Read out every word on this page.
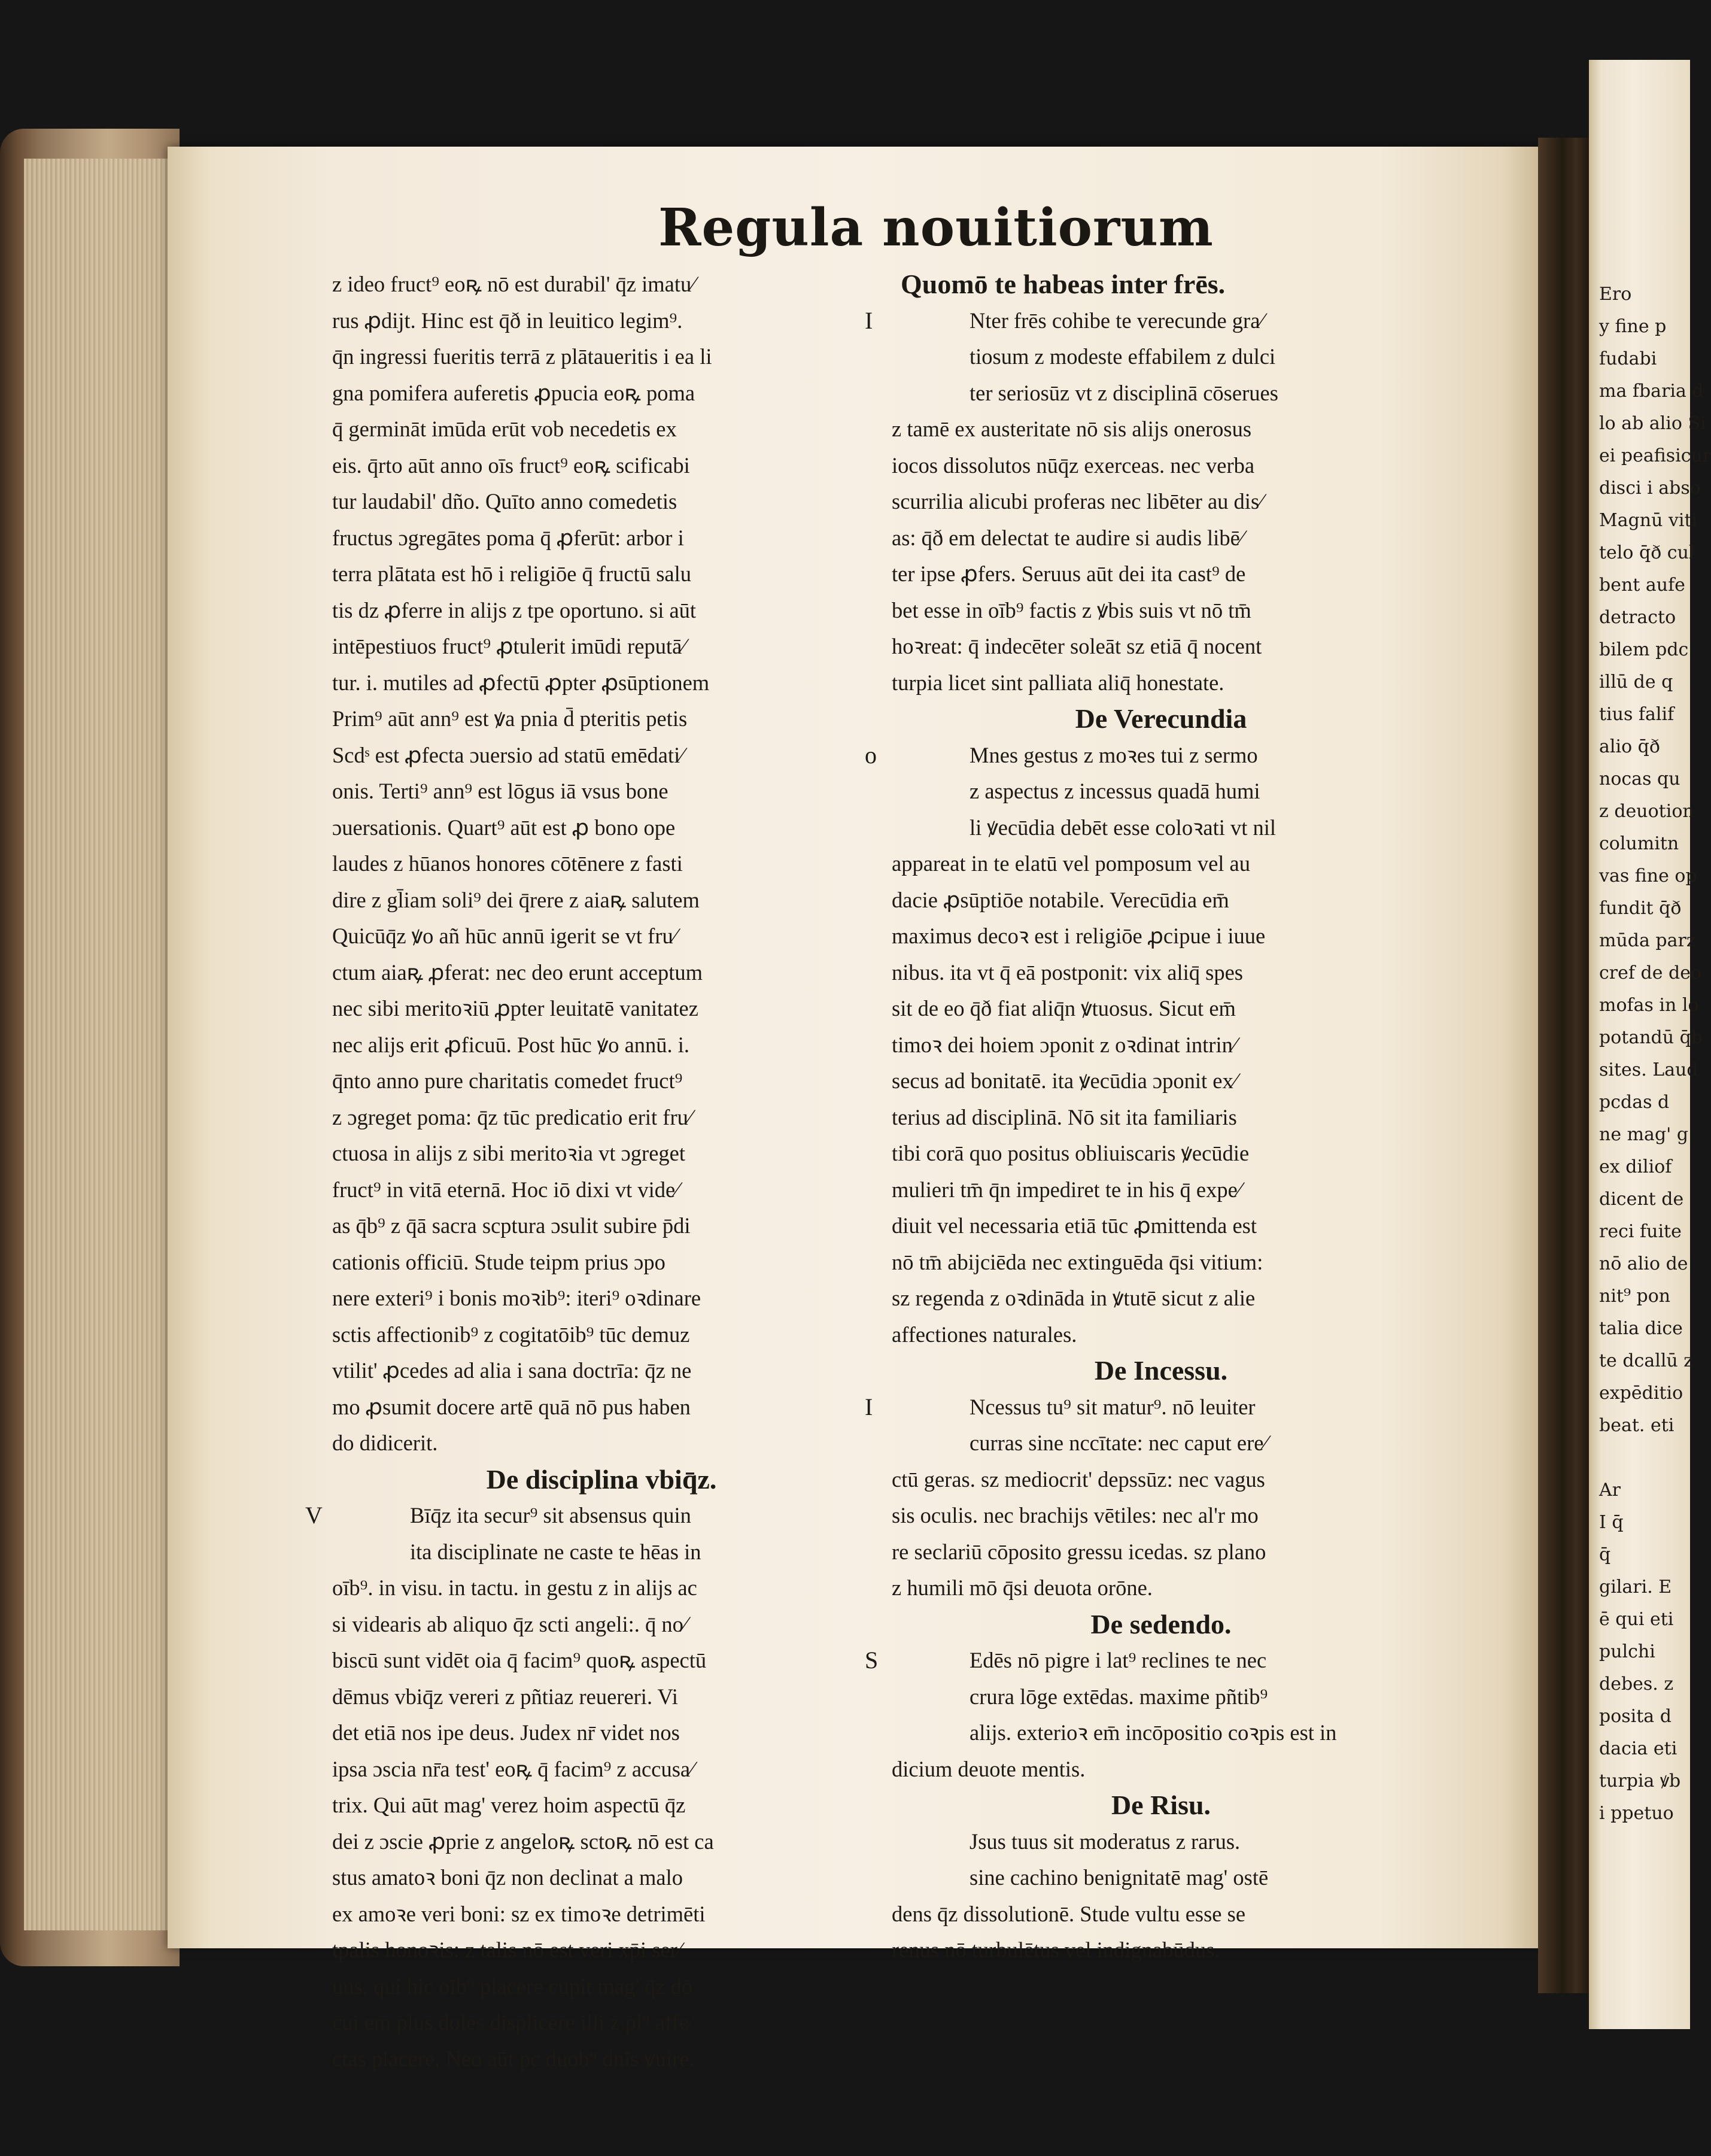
Ero
y fine p
fudabi
ma fbaria d
lo ab alio Si
ei peafisicur
disci i abso
Magnū viti
telo q̄ð cul
bent aufe
detracto
bilem pdc
illū de q
tius falif
alio q̄ð
nocas qu
z deuotion
columitn
vas fine op
fundit q̄ð
mūda parz
cref de deo
mofas in lo
potandū q̄b
sites. Laud
pcdas d
ne mag' g
ex diliof
dicent de
reci fuite
nō alio de
nit⁹ pon
talia dice
te dcallū z
expēditio
beat. eti
Ar
I q̄
q̄
gilari. E
ē qui eti
pulchi
debes. z
posita d
dacia eti
turpia ꝟb
i ppetuo
Regula nouitiorum
z ideo fruct⁹ eoꝶ nō est durabil' q̄z imatu⁄
rus ꝓdijt. Hinc est q̄ð in leuitico legim⁹.
q̄n ingressi fueritis terrā z plātaueritis i ea li
gna pomifera auferetis ꝓpucia eoꝶ poma
q̄ germināt imūda erūt vob necedetis ex
eis. q̄rto aūt anno oīs fruct⁹ eoꝶ scificabi
tur laudabil' dño. Quīto anno comedetis
fructus ɔgregātes poma q̄ ꝓferūt: arbor i
terra plātata est hō i religiōe q̄ fructū salu
tis dz ꝓferre in alijs z tpe oportuno. si aūt
intēpestiuos fruct⁹ ꝓtulerit imūdi reputā⁄
tur. i. mutiles ad ꝓfectū ꝓpter ꝓsūptionem
Prim⁹ aūt ann⁹ est ꝟa pnia d̄ pteritis petis
Scdˢ est ꝓfecta ɔuersio ad statū emēdati⁄
onis. Terti⁹ ann⁹ est lōgus iā vsus bone
ɔuersationis. Quart⁹ aūt est ꝓ bono ope
laudes z hūanos honores cōtēnere z fasti
dire z gl̄iam soli⁹ dei q̄rere z aiaꝶ salutem
Quicūq̄z ꝟo añ hūc annū igerit se vt fru⁄
ctum aiaꝶ ꝓferat: nec deo erunt acceptum
nec sibi meritoꝛiū ꝓpter leuitatē vanitatez
nec alijs erit ꝓficuū. Post hūc ꝟo annū. i.
q̄nto anno pure charitatis comedet fruct⁹
z ɔgreget poma: q̄z tūc predicatio erit fru⁄
ctuosa in alijs z sibi meritoꝛia vt ɔgreget
fruct⁹ in vitā eternā. Hoc iō dixi vt vide⁄
as q̄b⁹ z q̄ā sacra scptura ɔsulit subire p̄di
cationis officiū. Stude teipm prius ɔpo
nere exteri⁹ i bonis moꝛib⁹: iteri⁹ oꝛdinare
sctis affectionib⁹ z cogitatōib⁹ tūc demuz
vtilit' ꝓcedes ad alia i sana doctrīa: q̄z ne
mo ꝓsumit docere artē quā nō pus haben
do didicerit.
De disciplina vbiq̄z.
Bīq̄z ita secur⁹ sit absensus quin
ita disciplinate ne caste te hēas in
oīb⁹. in visu. in tactu. in gestu z in alijs ac
si videaris ab aliquo q̄z scti angeli:. q̄ no⁄
biscū sunt vidēt oia q̄ facim⁹ quoꝶ aspectū
dēmus vbiq̄z vereri z pñtiaz reuereri. Vi
det etiā nos ipe deus. Judex nr̄ videt nos
ipsa ɔscia nr̄a test' eoꝶ q̄ facim⁹ z accusa⁄
trix. Qui aūt mag' verez hoim aspectū q̄z
dei z ɔscie ꝓprie z angeloꝶ sctoꝶ nō est ca
stus amatoꝛ boni q̄z non declinat a malo
ex amoꝛe veri boni: sz ex timoꝛe detrimēti
tpalis honoꝛis: z talis nō est veri xp̄i ser⁄
uus. qui hic oīb⁹ placere cupit mag' q̄z dō
cui em plus doles displicere illi z pl⁹ affe⁄
ctas placere. Neo aūt pc duob⁹ dnīs ꝟuire.
V
Quomō te habeas inter frēs.
Nter frēs cohibe te verecunde gra⁄
tiosum z modeste effabilem z dulci
ter seriosūz vt z disciplinā cōserues
z tamē ex austeritate nō sis alijs onerosus
iocos dissolutos nūq̄z exerceas. nec verba
scurrilia alicubi proferas nec libēter au dis⁄
as: q̄ð em delectat te audire si audis libē⁄
ter ipse ꝓfers. Seruus aūt dei ita cast⁹ de
bet esse in oīb⁹ factis z ꝟbis suis vt nō tm̄
hoꝛreat: q̄ indecēter soleāt sz etiā q̄ nocent
turpia licet sint palliata aliq̄ honestate.
I
De Verecundia
Mnes gestus z moꝛes tui z sermo
z aspectus z incessus quadā humi
li ꝟecūdia debēt esse coloꝛati vt nil
appareat in te elatū vel pomposum vel au
dacie ꝓsūptiōe notabile. Verecūdia em̄
maximus decoꝛ est i religiōe ꝓcipue i iuue
nibus. ita vt q̄ eā postponit: vix aliq̄ spes
sit de eo q̄ð fiat aliq̄n ꝟtuosus. Sicut em̄
timoꝛ dei hoiem ɔponit z oꝛdinat intrin⁄
secus ad bonitatē. ita ꝟecūdia ɔponit ex⁄
terius ad disciplinā. Nō sit ita familiaris
tibi corā quo positus obliuiscaris ꝟecūdie
mulieri tm̄ q̄n impediret te in his q̄ expe⁄
diuit vel necessaria etiā tūc ꝓmittenda est
nō tm̄ abijciēda nec extinguēda q̄si vitium:
sz regenda z oꝛdināda in ꝟtutē sicut z alie
affectiones naturales.
o
De Incessu.
Ncessus tu⁹ sit matur⁹. nō leuiter
curras sine nccītate: nec caput ere⁄
ctū geras. sz mediocrit' depssūz: nec vagus
sis oculis. nec brachijs vētiles: nec al'r mo
re seclariū cōposito gressu icedas. sz plano
z humili mō q̄si deuota orōne.
I
De sedendo.
Edēs nō pigre i lat⁹ reclines te nec
crura lōge extēdas. maxime pñtib⁹
alijs. exterioꝛ em̄ incōpositio coꝛpis est in
dicium deuote mentis.
S
De Risu.
Jsus tuus sit moderatus z rarus.
sine cachino benignitatē mag' ostē
dens q̄z dissolutionē. Stude vultu esse se
renus nō turbulētus vel indignabūdus.
